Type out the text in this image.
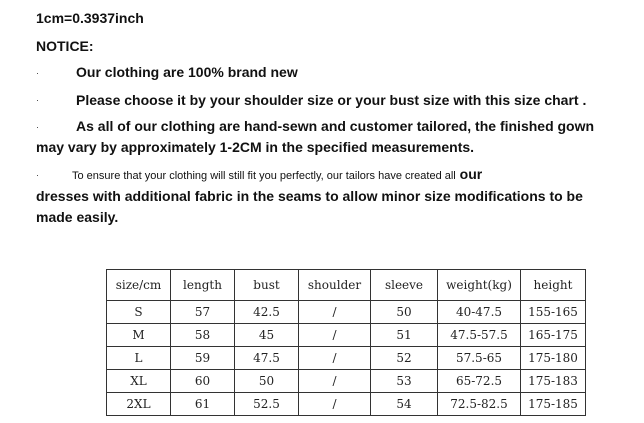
1cm=0.3937inch
NOTICE:
·	Our clothing are 100% brand new
·	Please choose it by your shoulder size or your bust size with this size chart .
·	As all of our clothing are hand-sewn and customer tailored, the finished gown
may vary by approximately 1-2CM in the specified measurements.
·	To ensure that your clothing will still fit you perfectly, our tailors have created all our
dresses with additional fabric in the seams to allow minor size modifications to be
made easily.
size/cm	length	bust	shoulder	sleeve	weight(kg)	height
S	57	42.5	/	50	40-47.5	155-165
M	58	45	/	51	47.5-57.5	165-175
L	59	47.5	/	52	57.5-65	175-180
XL	60	50	/	53	65-72.5	175-183
2XL	61	52.5	/	54	72.5-82.5	175-185
